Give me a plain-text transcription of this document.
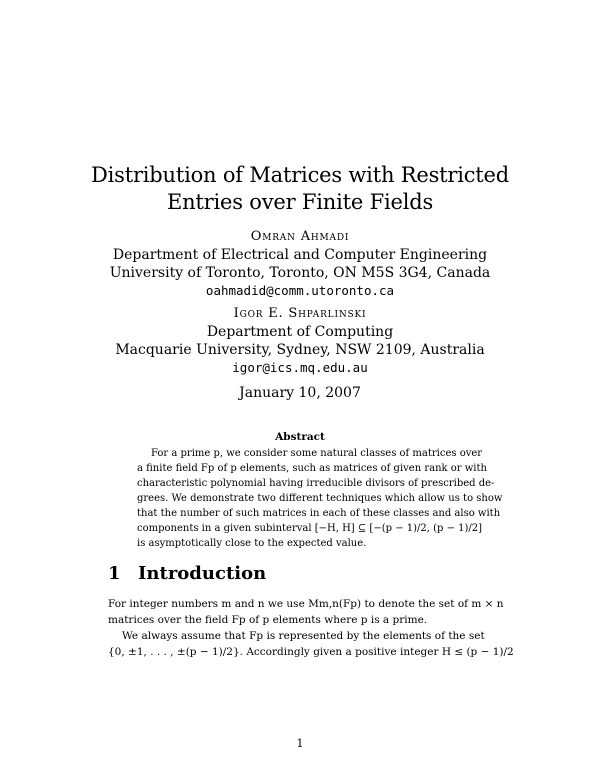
Distribution of Matrices with Restricted
Entries over Finite Fields
Omran Ahmadi
Department of Electrical and Computer Engineering
University of Toronto, Toronto, ON M5S 3G4, Canada
oahmadid@comm.utoronto.ca
Igor E. Shparlinski
Department of Computing
Macquarie University, Sydney, NSW 2109, Australia
igor@ics.mq.edu.au
January 10, 2007
Abstract
For a prime p, we consider some natural classes of matrices over
a finite field Fp of p elements, such as matrices of given rank or with
characteristic polynomial having irreducible divisors of prescribed de-
grees. We demonstrate two different techniques which allow us to show
that the number of such matrices in each of these classes and also with
components in a given subinterval [−H, H] ⊆ [−(p − 1)/2, (p − 1)/2]
is asymptotically close to the expected value.
1 Introduction
For integer numbers m and n we use Mm,n(Fp) to denote the set of m × n
matrices over the field Fp of p elements where p is a prime.
We always assume that Fp is represented by the elements of the set
{0, ±1, . . . , ±(p − 1)/2}. Accordingly given a positive integer H ≤ (p − 1)/2
1
